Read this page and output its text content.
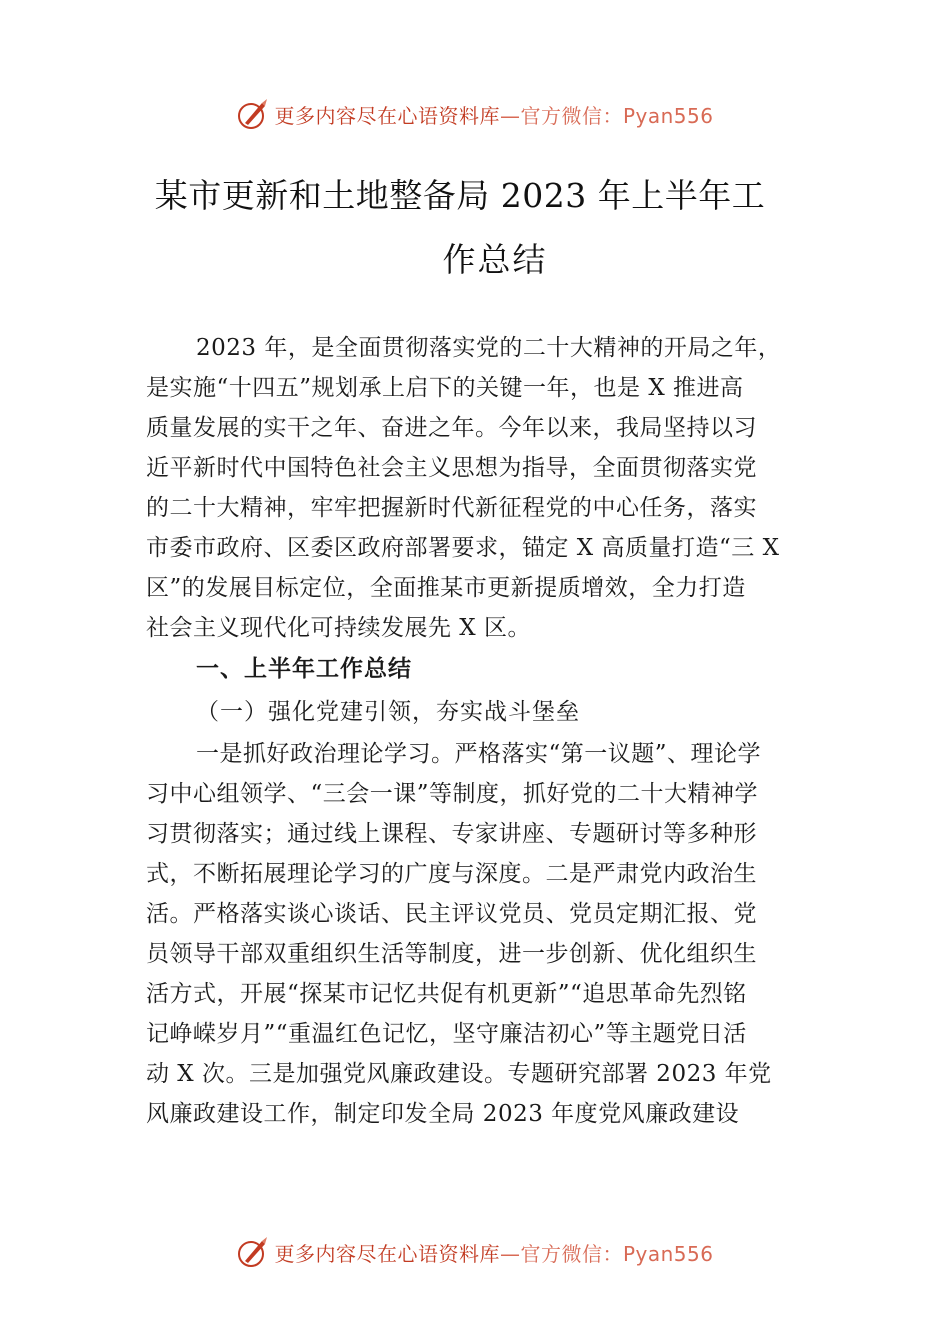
更多内容尽在心语资料库—官方微信：Pyan556
某市更新和土地整备局 2023 年上半年工
作总结
2023 年，是全面贯彻落实党的二十大精神的开局之年，
是实施“十四五”规划承上启下的关键一年，也是 X 推进高
质量发展的实干之年、奋进之年。今年以来，我局坚持以习
近平新时代中国特色社会主义思想为指导，全面贯彻落实党
的二十大精神，牢牢把握新时代新征程党的中心任务，落实
市委市政府、区委区政府部署要求，锚定 X 高质量打造“三 X
区”的发展目标定位，全面推某市更新提质增效，全力打造
社会主义现代化可持续发展先 X 区。
一、上半年工作总结
（一）强化党建引领，夯实战斗堡垒
一是抓好政治理论学习。严格落实“第一议题”、理论学
习中心组领学、“三会一课”等制度，抓好党的二十大精神学
习贯彻落实；通过线上课程、专家讲座、专题研讨等多种形
式，不断拓展理论学习的广度与深度。二是严肃党内政治生
活。严格落实谈心谈话、民主评议党员、党员定期汇报、党
员领导干部双重组织生活等制度，进一步创新、优化组织生
活方式，开展“探某市记忆共促有机更新”“追思革命先烈铭
记峥嵘岁月”“重温红色记忆，坚守廉洁初心”等主题党日活
动 X 次。三是加强党风廉政建设。专题研究部署 2023 年党
风廉政建设工作，制定印发全局 2023 年度党风廉政建设
更多内容尽在心语资料库—官方微信：Pyan556
